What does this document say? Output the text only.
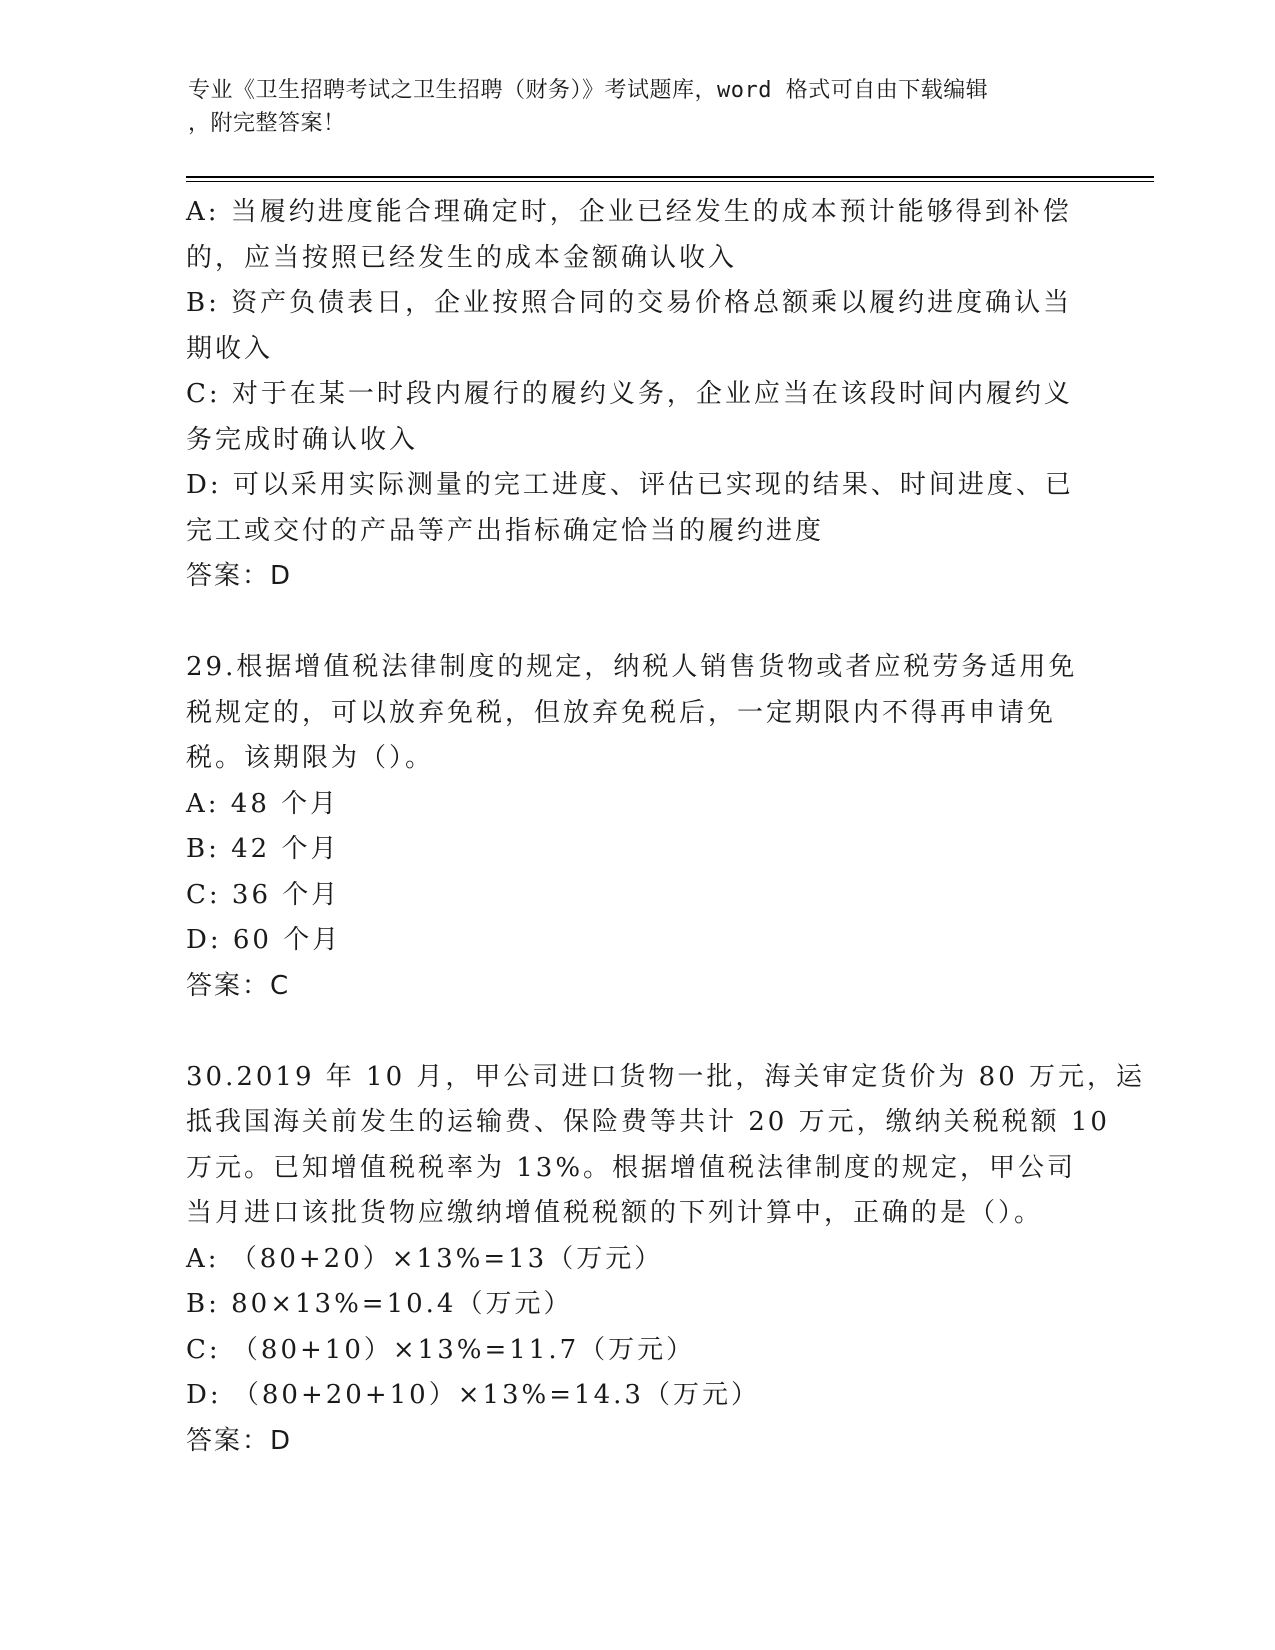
专业《卫生招聘考试之卫生招聘（财务）》考试题库，word 格式可自由下载编辑
，附完整答案！
A: 当履约进度能合理确定时，企业已经发生的成本预计能够得到补偿
的，应当按照已经发生的成本金额确认收入
B: 资产负债表日，企业按照合同的交易价格总额乘以履约进度确认当
期收入
C: 对于在某一时段内履行的履约义务，企业应当在该段时间内履约义
务完成时确认收入
D: 可以采用实际测量的完工进度、评估已实现的结果、时间进度、已
完工或交付的产品等产出指标确定恰当的履约进度
答案：D
29.根据增值税法律制度的规定，纳税人销售货物或者应税劳务适用免
税规定的，可以放弃免税，但放弃免税后，一定期限内不得再申请免
税。该期限为（）。
A: 48 个月
B: 42 个月
C: 36 个月
D: 60 个月
答案：C
30.2019 年 10 月，甲公司进口货物一批，海关审定货价为 80 万元，运
抵我国海关前发生的运输费、保险费等共计 20 万元，缴纳关税税额 10
万元。已知增值税税率为 13%。根据增值税法律制度的规定，甲公司
当月进口该批货物应缴纳增值税税额的下列计算中，正确的是（）。
A: （80+20）×13%=13（万元）
B: 80×13%=10.4（万元）
C: （80+10）×13%=11.7（万元）
D: （80+20+10）×13%=14.3（万元）
答案：D
